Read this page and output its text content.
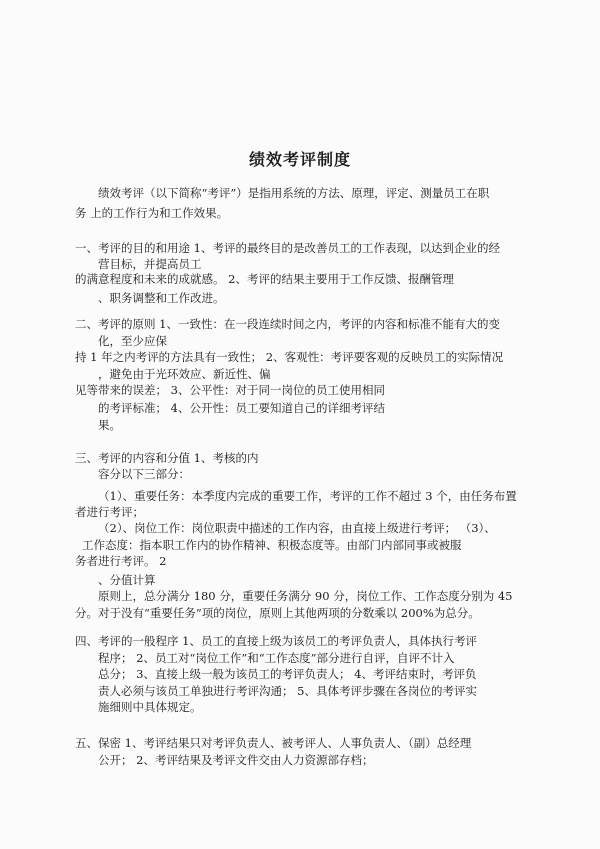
绩效考评制度
绩效考评（以下简称“考评”）是指用系统的方法、原理，评定、测量员工在职
务 上的工作行为和工作效果。
一、考评的目的和用途 1、考评的最终目的是改善员工的工作表现，以达到企业的经
营目标，并提高员工
的满意程度和未来的成就感。 2、考评的结果主要用于工作反馈、报酬管理
、职务调整和工作改进。
二、考评的原则 1、一致性：在一段连续时间之内，考评的内容和标准不能有大的变
化，至少应保
持 1 年之内考评的方法具有一致性； 2、客观性：考评要客观的反映员工的实际情况
，避免由于光环效应、新近性、偏
见等带来的误差； 3、公平性：对于同一岗位的员工使用相同
的考评标准； 4、公开性：员工要知道自己的详细考评结
果。
三、考评的内容和分值 1、考核的内
容分以下三部分：
（1）、重要任务：本季度内完成的重要工作，考评的工作不超过 3 个，由任务布置
者进行考评；
（2）、岗位工作：岗位职责中描述的工作内容，由直接上级进行考评； （3）、
工作态度：指本职工作内的协作精神、积极态度等。由部门内部同事或被服
务者进行考评。 2
、分值计算
原则上，总分满分 180 分，重要任务满分 90 分，岗位工作、工作态度分别为 45
分。对于没有“重要任务”项的岗位，原则上其他两项的分数乘以 200%为总分。
四、考评的一般程序 1、员工的直接上级为该员工的考评负责人，具体执行考评
程序； 2、员工对“岗位工作”和“工作态度”部分进行自评，自评不计入
总分； 3、直接上级一般为该员工的考评负责人； 4、考评结束时，考评负
责人必须与该员工单独进行考评沟通； 5、具体考评步骤在各岗位的考评实
施细则中具体规定。
五、保密 1、考评结果只对考评负责人、被考评人、人事负责人、（副）总经理
公开； 2、考评结果及考评文件交由人力资源部存档；
